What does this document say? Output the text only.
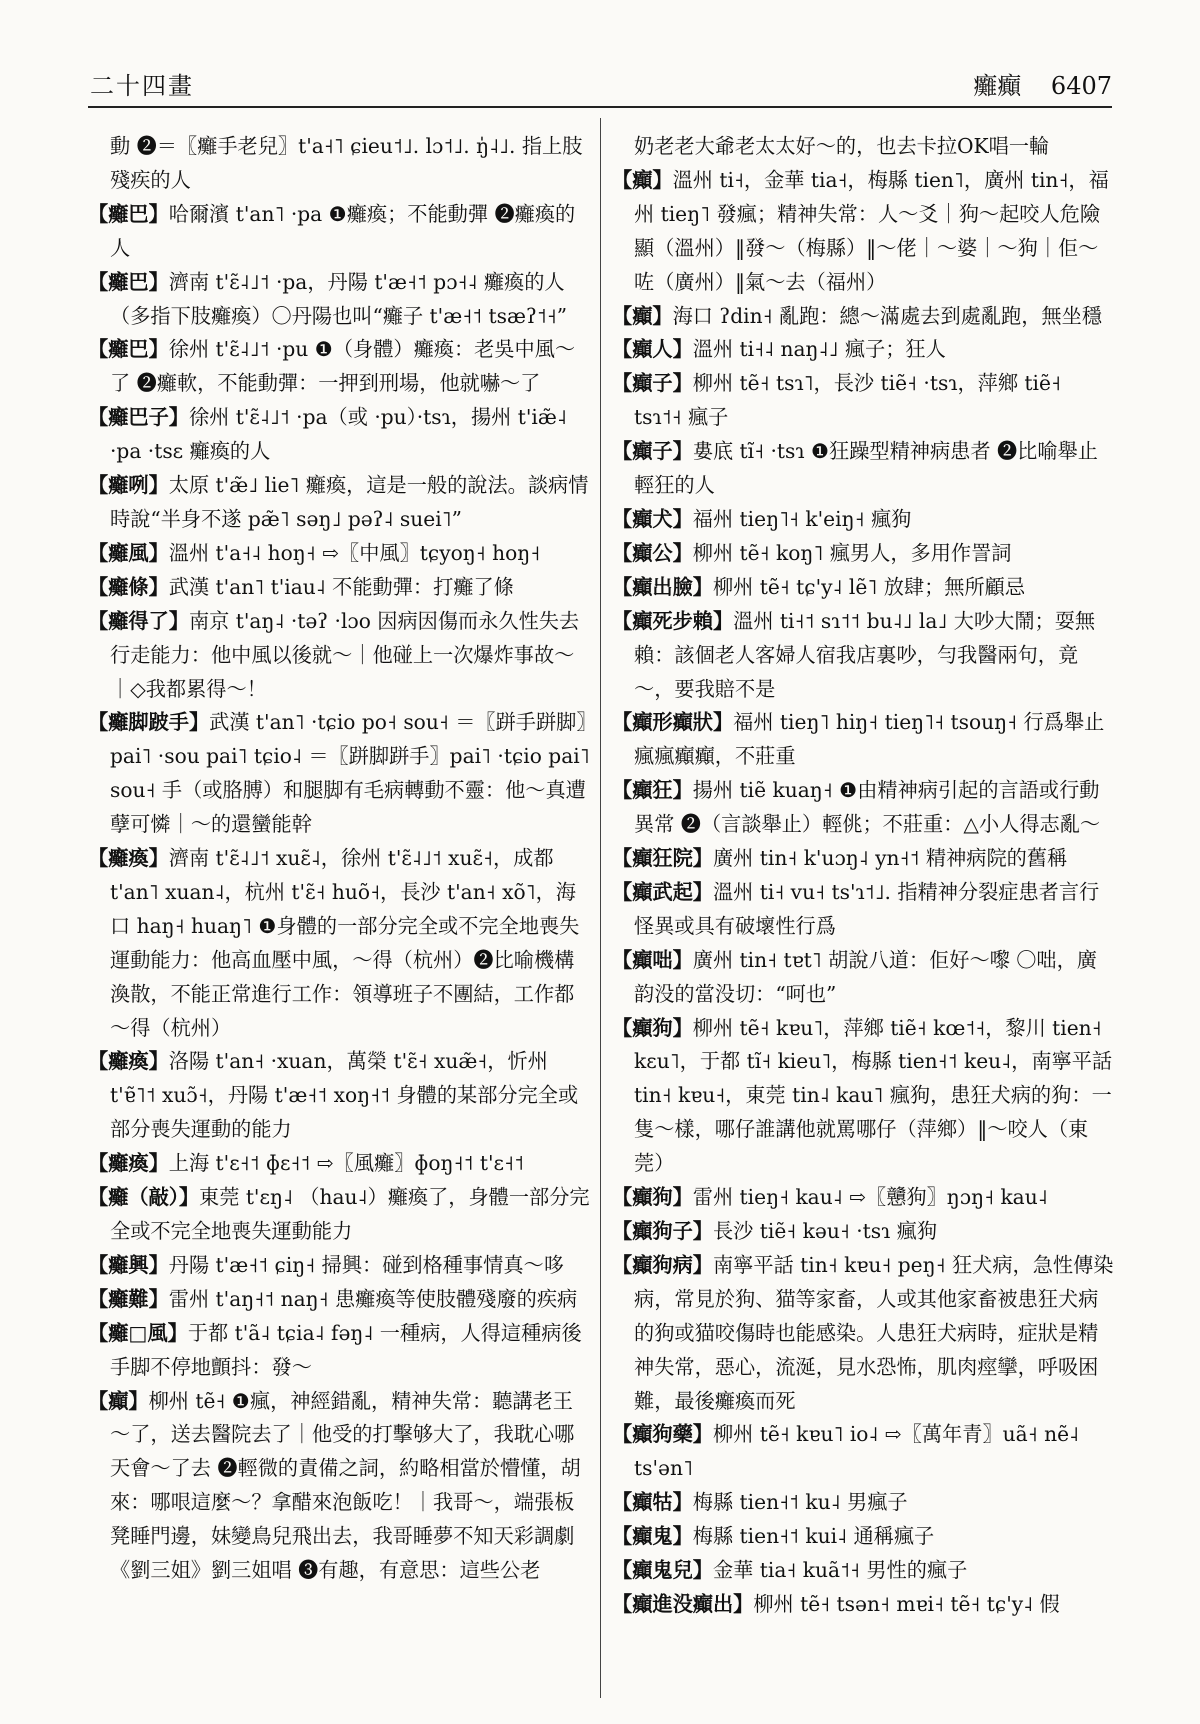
二十四畫	癱癲 6407

動 ❷＝〖癱手老兒〗t'a˧˥ ɕieu˦˩. lɔ˦˩. ŋ̍˨˩. 指上肢殘疾的人

【癱巴】哈爾濱 t'an˥ ·pa ❶癱瘓；不能動彈 ❷癱瘓的人

【癱巴】濟南 t'ɛ̃˨˩˦ ·pa，丹陽 t'æ˧˦ pɔ˧˨ 癱瘓的人（多指下肢癱瘓）〇丹陽也叫“癱子 t'æ˧˦ tsæʔ˦˧”

【癱巴】徐州 t'ɛ̃˨˩˦ ·pu ❶（身體）癱瘓：老吳中風～了 ❷癱軟，不能動彈：一押到刑場，他就嚇～了

【癱巴子】徐州 t'ɛ̃˨˩˦ ·pa（或 ·pu）·tsɿ，揚州 t'iæ̃˨ ·pa ·tsɛ 癱瘓的人

【癱咧】太原 t'æ̃˩ lie˥ 癱瘓，這是一般的說法。談病情時說“半身不遂 pæ̃˥ səŋ˩ pəʔ˨ suei˥”

【癱風】溫州 t'a˧˨ hoŋ˧ ⇨〖中風〗tɕyoŋ˧ hoŋ˧

【癱條】武漢 t'an˥ t'iau˨ 不能動彈：打癱了條

【癱得了】南京 t'aŋ˨ ·təʔ ·lɔo 因病因傷而永久性失去行走能力：他中風以後就～｜他碰上一次爆炸事故～｜◇我都累得～！

【癱脚跛手】武漢 t'an˥ ·tɕio po˧ sou˧ ＝〖跰手跰脚〗pai˥ ·sou pai˥ tɕio˨ ＝〖跰脚跰手〗pai˥ ·tɕio pai˥ sou˧ 手（或胳膊）和腿脚有毛病轉動不靈：他～真遭孽可憐｜～的還蠻能幹

【癱瘓】濟南 t'ɛ̃˨˩˦ xuɛ̃˨，徐州 t'ɛ̃˨˩˦ xuɛ̃˧，成都 t'an˥ xuan˨，杭州 t'ɛ̃˧ huõ˧，長沙 t'an˧ xõ˥，海口 haŋ˧ huaŋ˥ ❶身體的一部分完全或不完全地喪失運動能力：他高血壓中風，～得（杭州）❷比喻機構渙散，不能正常進行工作：領導班子不團結，工作都～得（杭州）

【癱瘓】洛陽 t'an˧ ·xuan，萬榮 t'ɛ̃˧ xuæ̃˧，忻州 t'ɐ̃˥˦ xuɔ̃˧，丹陽 t'æ˧˦ xoŋ˧˦ 身體的某部分完全或部分喪失運動的能力

【癱瘓】上海 t'ɛ˧˦ ɸɛ˧˦ ⇨〖風癱〗ɸoŋ˧˦ t'ɛ˧˦

【癱（敲）】東莞 t'ɛŋ˨ （hau˨）癱瘓了，身體一部分完全或不完全地喪失運動能力

【癱興】丹陽 t'æ˧˦ ɕiŋ˧ 掃興：碰到格種事情真～哆

【癱難】雷州 t'aŋ˧˦ naŋ˧ 患癱瘓等使肢體殘廢的疾病

【癱□風】于都 t'ã˨ tɕia˨ fəŋ˨ 一種病，人得這種病後手脚不停地顫抖：發～

【癲】柳州 tẽ˧ ❶瘋，神經錯亂，精神失常：聽講老王～了，送去醫院去了｜他受的打擊够大了，我耽心哪天會～了去 ❷輕微的責備之詞，約略相當於懵懂，胡來：哪哏這麼～？拿醋來泡飯吃！｜我哥～，端張板凳睡門邊，妹變鳥兒飛出去，我哥睡夢不知天彩調劇《劉三姐》劉三姐唱 ❸有趣，有意思：這些公老

奶老老大爺老太太好～的，也去卡拉OK唱一輪

【癲】溫州 ti˧，金華 tia˧，梅縣 tien˥，廣州 tin˧，福州 tieŋ˥ 發瘋；精神失常：人～爻｜狗～起咬人危險顯（溫州）‖發～（梅縣）‖～佬｜～婆｜～狗｜佢～咗（廣州）‖氣～去（福州）

【癲】海口 ʔdin˧ 亂跑：總～滿處去到處亂跑，無坐穩

【癲人】溫州 ti˧˨ naŋ˨˩ 瘋子；狂人

【癲子】柳州 tẽ˧ tsɿ˥，長沙 tiẽ˧ ·tsɿ，萍鄉 tiẽ˧ tsɿ˦˧ 瘋子

【癲子】婁底 tĩ˧ ·tsɿ ❶狂躁型精神病患者 ❷比喻舉止輕狂的人

【癲犬】福州 tieŋ˥˧ k'eiŋ˧ 瘋狗

【癲公】柳州 tẽ˧ koŋ˥ 瘋男人，多用作詈詞

【癲出臉】柳州 tẽ˧ tɕ'y˨ lẽ˥ 放肆；無所顧忌

【癲死步賴】溫州 ti˧˦ sɿ˦˦ bu˨˩ la˩ 大吵大鬧；耍無賴：該個老人客婦人宿我店裏吵，勻我醫兩句，竟～，要我賠不是

【癲形癲狀】福州 tieŋ˥ hiŋ˧ tieŋ˥˧ tsouŋ˧ 行爲舉止瘋瘋癲癲，不莊重

【癲狂】揚州 tiẽ kuaŋ˧ ❶由精神病引起的言語或行動異常 ❷（言談舉止）輕佻；不莊重：△小人得志亂～

【癲狂院】廣州 tin˧ k'uɔŋ˨ yn˧˦ 精神病院的舊稱

【癲武起】溫州 ti˧ vu˧ ts'ɿ˦˩. 指精神分裂症患者言行怪異或具有破壞性行爲

【癲咄】廣州 tin˧ tɐt˥ 胡說八道：佢好～嚟 〇咄，廣韵没的當没切：“呵也”

【癲狗】柳州 tẽ˧ kɐu˥，萍鄉 tiẽ˧ kœ˦˧，黎川 tien˧ kɛu˥，于都 tĩ˧ kieu˥，梅縣 tien˧˦ keu˨，南寧平話 tin˧ kɐu˧，東莞 tin˨ kau˥ 瘋狗，患狂犬病的狗：一隻～樣，哪仔誰講他就罵哪仔（萍鄉）‖～咬人（東莞）

【癲狗】雷州 tieŋ˧ kau˨ ⇨〖戇狗〗ŋɔŋ˧ kau˨

【癲狗子】長沙 tiẽ˧ kəu˧ ·tsɿ 瘋狗

【癲狗病】南寧平話 tin˧ kɐu˧ peŋ˧ 狂犬病，急性傳染病，常見於狗、猫等家畜，人或其他家畜被患狂犬病的狗或猫咬傷時也能感染。人患狂犬病時，症狀是精神失常，惡心，流涎，見水恐怖，肌肉痙攣，呼吸困難，最後癱瘓而死

【癲狗藥】柳州 tẽ˧ kɐu˥ io˨ ⇨〖萬年青〗uã˧ nẽ˨ ts'ən˥

【癲牯】梅縣 tien˧˦ ku˨ 男瘋子

【癲鬼】梅縣 tien˧˦ kui˨ 通稱瘋子

【癲鬼兒】金華 tia˧ kuã˦˧ 男性的瘋子

【癲進没癲出】柳州 tẽ˧ tsən˧ mɐi˧ tẽ˧ tɕ'y˨ 假
